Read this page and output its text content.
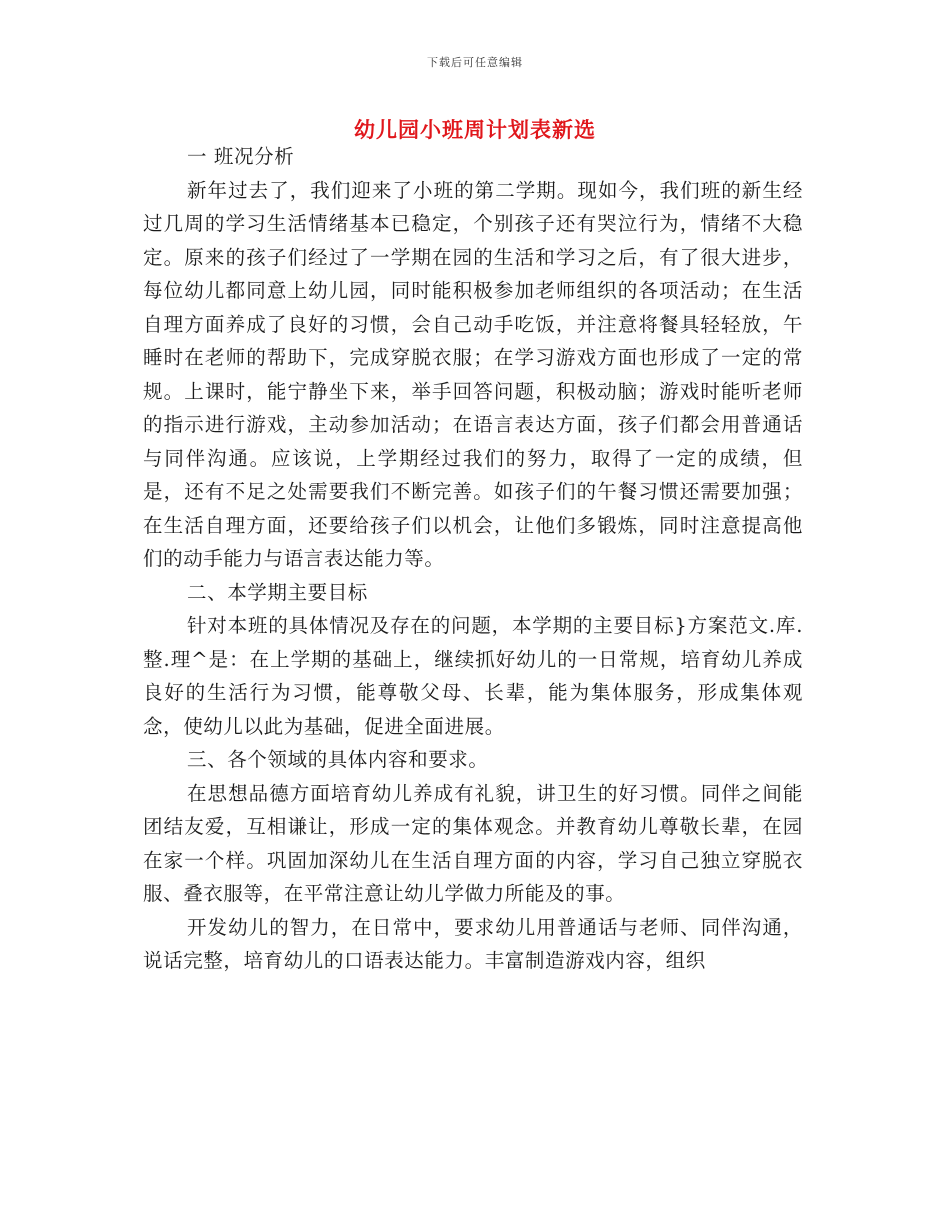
下载后可任意编辑
幼儿园小班周计划表新选

一 班况分析

新年过去了，我们迎来了小班的第二学期。现如今，我们班的新生经过几周的学习生活情绪基本已稳定，个别孩子还有哭泣行为，情绪不大稳定。原来的孩子们经过了一学期在园的生活和学习之后，有了很大进步，每位幼儿都同意上幼儿园，同时能积极参加老师组织的各项活动；在生活自理方面养成了良好的习惯，会自己动手吃饭，并注意将餐具轻轻放，午睡时在老师的帮助下，完成穿脱衣服；在学习游戏方面也形成了一定的常规。上课时，能宁静坐下来，举手回答问题，积极动脑；游戏时能听老师的指示进行游戏，主动参加活动；在语言表达方面，孩子们都会用普通话与同伴沟通。应该说，上学期经过我们的努力，取得了一定的成绩，但是，还有不足之处需要我们不断完善。如孩子们的午餐习惯还需要加强；在生活自理方面，还要给孩子们以机会，让他们多锻炼，同时注意提高他们的动手能力与语言表达能力等。

二、本学期主要目标

针对本班的具体情况及存在的问题，本学期的主要目标}方案范文.库.整.理^是：在上学期的基础上，继续抓好幼儿的一日常规，培育幼儿养成良好的生活行为习惯，能尊敬父母、长辈，能为集体服务，形成集体观念，使幼儿以此为基础，促进全面进展。

三、各个领域的具体内容和要求。

在思想品德方面培育幼儿养成有礼貌，讲卫生的好习惯。同伴之间能团结友爱，互相谦让，形成一定的集体观念。并教育幼儿尊敬长辈，在园在家一个样。巩固加深幼儿在生活自理方面的内容，学习自己独立穿脱衣服、叠衣服等，在平常注意让幼儿学做力所能及的事。

开发幼儿的智力，在日常中，要求幼儿用普通话与老师、同伴沟通，说话完整，培育幼儿的口语表达能力。丰富制造游戏内容，组织
